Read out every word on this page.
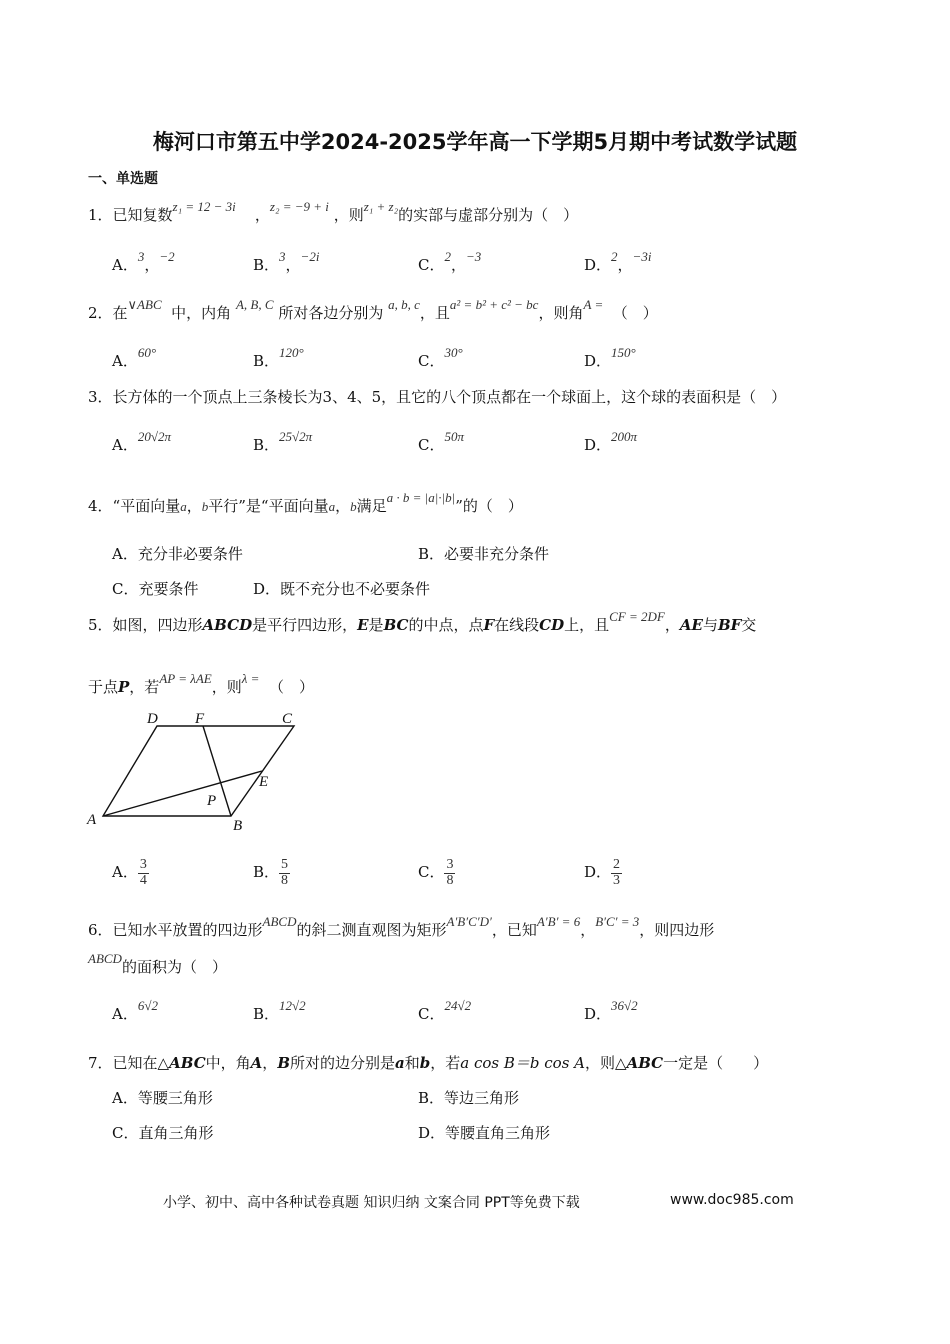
梅河口市第五中学2024-2025学年高一下学期5月期中考试数学试题
一、单选题
1．已知复数z₁ = 12 − 3i ，z₂ = −9 + i ，则z₁ + z₂的实部与虚部分别为（　）
A．3，−2	B．3，−2i	C．2，−3	D．2，−3i
2．在∨ABC 中，内角 A, B, C 所对各边分别为 a, b, c，且a² = b² + c² − bc，则角A = （　）
A．60°	B．120°	C．30°	D．150°
3．长方体的一个顶点上三条棱长为3、4、5，且它的八个顶点都在一个球面上，这个球的表面积是（　）
A．20√2π	B．25√2π	C．50π	D．200π
4．“平面向量a，b平行”是“平面向量a，b满足a · b = |a|·|b|”的（　）
A．充分非必要条件	B．必要非充分条件
C．充要条件	D．既不充分也不必要条件
5．如图，四边形ABCD是平行四边形，E是BC的中点，点F在线段CD上，且CF = 2DF，AE与BF交
于点P，若AP = λAE，则λ = （　）
D F	C
E
P
A	B
A． $\frac{3}{4}$	B． $\frac{5}{8}$	C． $\frac{3}{8}$	D． $\frac{2}{3}$
6．已知水平放置的四边形ABCD的斜二测直观图为矩形A′B′C′D′，已知A′B′ = 6，B′C′ = 3，则四边形
ABCD的面积为（　）
A．6√2	B．12√2	C．24√2	D．36√2
7．已知在△ABC中，角A，B所对的边分别是a和b，若a cos B＝b cos A，则△ABC一定是（　　）
A．等腰三角形	B．等边三角形
C．直角三角形	D．等腰直角三角形
小学、初中、高中各种试卷真题 知识归纳 文案合同 PPT等免费下载	www.doc985.com
